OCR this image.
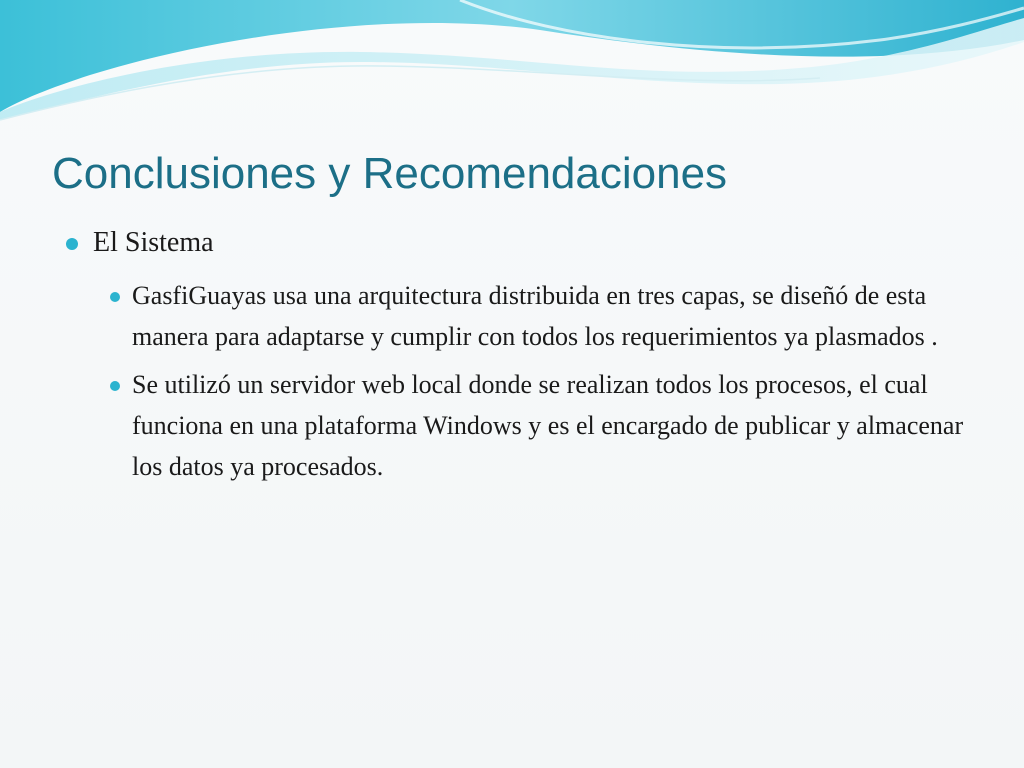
Conclusiones y Recomendaciones
El Sistema
GasfiGuayas usa una arquitectura distribuida en tres capas, se diseñó de esta manera para adaptarse y cumplir con todos los requerimientos ya plasmados .
Se utilizó un servidor web local donde se realizan todos los procesos, el cual funciona en una plataforma Windows y es el encargado de publicar y almacenar los datos ya procesados.
